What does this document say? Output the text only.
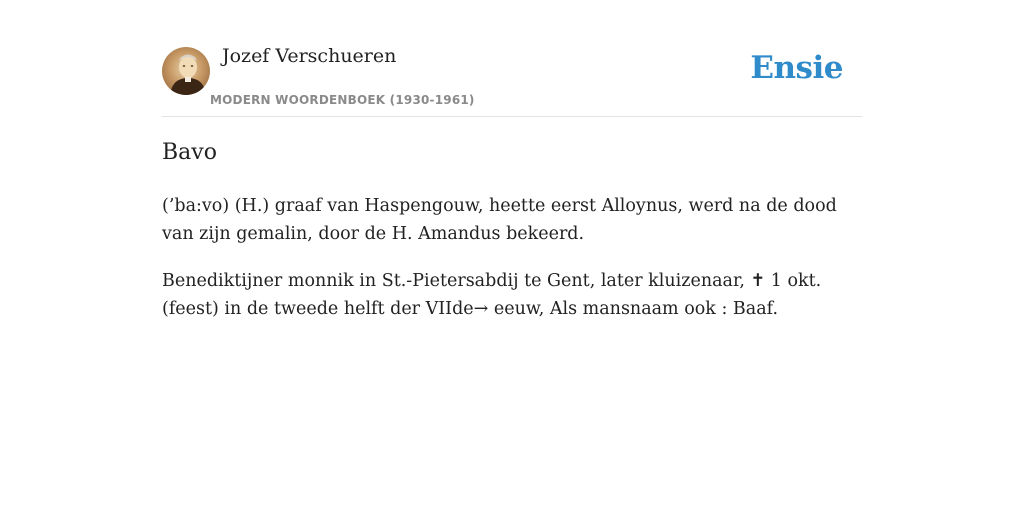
Jozef Verschueren
MODERN WOORDENBOEK (1930-1961)
Ensie
Bavo

(’ba:vo) (H.) graaf van Haspengouw, heette eerst Alloynus, werd na de dood van zijn gemalin, door de H. Amandus bekeerd.

Benediktijner monnik in St.-Pietersabdij te Gent, later kluizenaar, ✝ 1 okt. (feest) in de tweede helft der VIIde→ eeuw, Als mansnaam ook : Baaf.
